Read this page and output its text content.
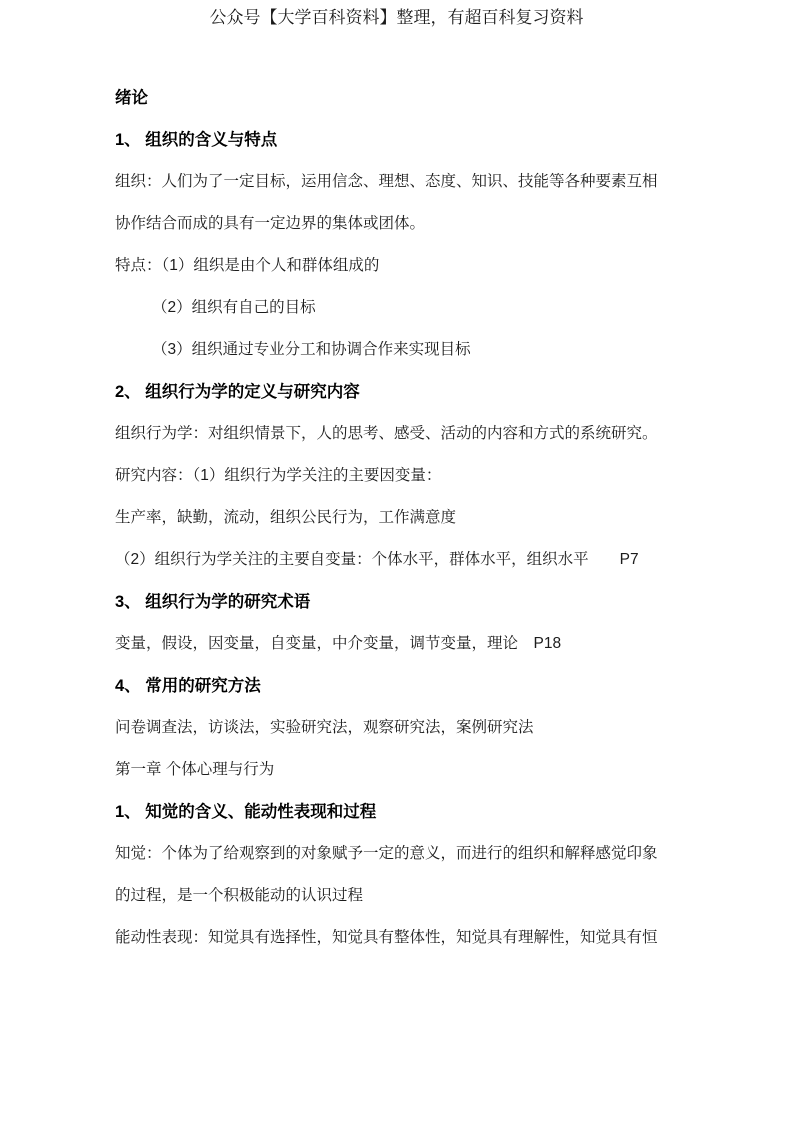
公众号【大学百科资料】整理，有超百科复习资料

绪论

1、 组织的含义与特点

组织：人们为了一定目标，运用信念、理想、态度、知识、技能等各种要素互相

协作结合而成的具有一定边界的集体或团体。

特点：（1）组织是由个人和群体组成的

（2）组织有自己的目标

（3）组织通过专业分工和协调合作来实现目标

2、 组织行为学的定义与研究内容

组织行为学：对组织情景下，人的思考、感受、活动的内容和方式的系统研究。

研究内容：（1）组织行为学关注的主要因变量：

生产率，缺勤，流动，组织公民行为，工作满意度

（2）组织行为学关注的主要自变量：个体水平，群体水平，组织水平　　P7

3、 组织行为学的研究术语

变量，假设，因变量，自变量，中介变量，调节变量，理论　P18

4、 常用的研究方法

问卷调查法，访谈法，实验研究法，观察研究法，案例研究法

第一章 个体心理与行为

1、 知觉的含义、能动性表现和过程

知觉：个体为了给观察到的对象赋予一定的意义，而进行的组织和解释感觉印象

的过程，是一个积极能动的认识过程

能动性表现：知觉具有选择性，知觉具有整体性，知觉具有理解性，知觉具有恒
